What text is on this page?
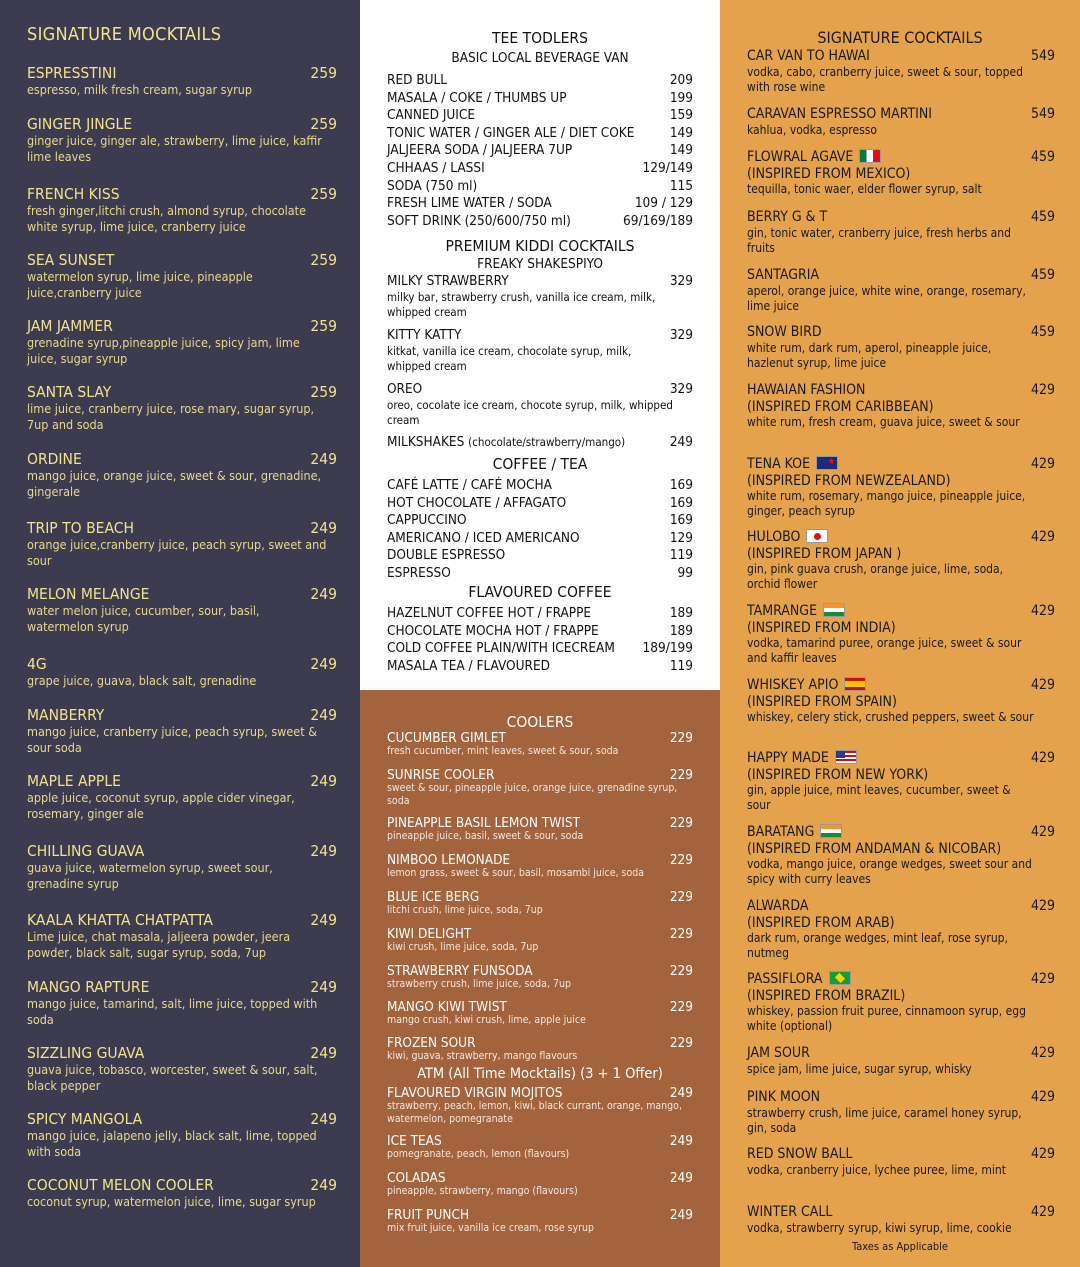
SIGNATURE MOCKTAILS
ESPRESSTINI	259
espresso, milk fresh cream, sugar syrup
GINGER JINGLE	259
ginger juice, ginger ale, strawberry, lime juice, kaffir lime leaves
FRENCH KISS	259
fresh ginger,litchi crush, almond syrup, chocolate white syrup, lime juice, cranberry juice
SEA SUNSET	259
watermelon syrup, lime juice, pineapple juice,cranberry juice
JAM JAMMER	259
grenadine syrup,pineapple juice, spicy jam, lime juice, sugar syrup
SANTA SLAY	259
lime juice, cranberry juice, rose mary, sugar syrup, 7up and soda
ORDINE	249
mango juice, orange juice, sweet & sour, grenadine, gingerale
TRIP TO BEACH	249
orange juice,cranberry juice, peach syrup, sweet and sour
MELON MELANGE	249
water melon juice, cucumber, sour, basil, watermelon syrup
4G	249
grape juice, guava, black salt, grenadine
MANBERRY	249
mango juice, cranberry juice, peach syrup, sweet & sour soda
MAPLE APPLE	249
apple juice, coconut syrup, apple cider vinegar, rosemary, ginger ale
CHILLING GUAVA	249
guava juice, watermelon syrup, sweet sour, grenadine syrup
KAALA KHATTA CHATPATTA	249
Lime juice, chat masala, jaljeera powder, jeera powder, black salt, sugar syrup, soda, 7up
MANGO RAPTURE	249
mango juice, tamarind, salt, lime juice, topped with soda
SIZZLING GUAVA	249
guava juice, tobasco, worcester, sweet & sour, salt, black pepper
SPICY MANGOLA	249
mango juice, jalapeno jelly, black salt, lime, topped with soda
COCONUT MELON COOLER	249
coconut syrup, watermelon juice, lime, sugar syrup
TEE TODLERS
BASIC LOCAL BEVERAGE VAN
RED BULL	209
MASALA / COKE / THUMBS UP	199
CANNED JUICE	159
TONIC WATER / GINGER ALE / DIET COKE	149
JALJEERA SODA / JALJEERA 7UP	149
CHHAAS / LASSI	129/149
SODA (750 ml)	115
FRESH LIME WATER / SODA	109 / 129
SOFT DRINK (250/600/750 ml)	69/169/189
PREMIUM KIDDI COCKTAILS
FREAKY SHAKESPIYO
MILKY STRAWBERRY	329
milky bar, strawberry crush, vanilla ice cream, milk, whipped cream
KITTY KATTY	329
kitkat, vanilla ice cream, chocolate syrup, milk, whipped cream
OREO	329
oreo, cocolate ice cream, chocote syrup, milk, whipped cream
MILKSHAKES (chocolate/strawberry/mango)	249
COFFEE / TEA
CAFÉ LATTE / CAFÉ MOCHA	169
HOT CHOCOLATE / AFFAGATO	169
CAPPUCCINO	169
AMERICANO / ICED AMERICANO	129
DOUBLE ESPRESSO	119
ESPRESSO	99
FLAVOURED COFFEE
HAZELNUT COFFEE HOT / FRAPPE	189
CHOCOLATE MOCHA HOT / FRAPPE	189
COLD COFFEE PLAIN/WITH ICECREAM 189/199
MASALA TEA / FLAVOURED	119
COOLERS
CUCUMBER GIMLET	229
fresh cucumber, mint leaves, sweet & sour, soda
SUNRISE COOLER	229
sweet & sour, pineapple juice, orange juice, grenadine syrup, soda
PINEAPPLE BASIL LEMON TWIST	229
pineapple juice, basil, sweet & sour, soda
NIMBOO LEMONADE	229
lemon grass, sweet & sour, basil, mosambi juice, soda
BLUE ICE BERG	229
litchi crush, lime juice, soda, 7up
KIWI DELIGHT	229
kiwi crush, lime juice, soda, 7up
STRAWBERRY FUNSODA	229
strawberry crush, lime juice, soda, 7up
MANGO KIWI TWIST	229
mango crush, kiwi crush, lime, apple juice
FROZEN SOUR	229
kiwi, guava, strawberry, mango flavours
ATM (All Time Mocktails) (3 + 1 Offer)
FLAVOURED VIRGIN MOJITOS	249
strawberry, peach, lemon, kiwi, black currant, orange, mango, watermelon, pomegranate
ICE TEAS	249
pomegranate, peach, lemon (flavours)
COLADAS	249
pineapple, strawberry, mango (flavours)
FRUIT PUNCH	249
mix fruit juice, vanilla ice cream, rose syrup
SIGNATURE COCKTAILS
CAR VAN TO HAWAI	549
vodka, cabo, cranberry juice, sweet & sour, topped with rose wine
CARAVAN ESPRESSO MARTINI	549
kahlua, vodka, espresso
FLOWRAL AGAVE	459
(INSPIRED FROM MEXICO)
tequilla, tonic waer, elder flower syrup, salt
BERRY G & T	459
gin, tonic water, cranberry juice, fresh herbs and fruits
SANTAGRIA	459
aperol, orange juice, white wine, orange, rosemary, lime juice
SNOW BIRD	459
white rum, dark rum, aperol, pineapple juice, hazlenut syrup, lime juice
HAWAIAN FASHION	429
(INSPIRED FROM CARIBBEAN)
white rum, fresh cream, guava juice, sweet & sour
TENA KOE ★	429
(INSPIRED FROM NEWZEALAND)
white rum, rosemary, mango juice, pineapple juice, ginger, peach syrup
HULOBO	429
(INSPIRED FROM JAPAN )
gin, pink guava crush, orange juice, lime, soda, orchid flower
TAMRANGE	429
(INSPIRED FROM INDIA)
vodka, tamarind puree, orange juice, sweet & sour and kaffir leaves
WHISKEY APIO	429
(INSPIRED FROM SPAIN)
whiskey, celery stick, crushed peppers, sweet & sour
HAPPY MADE	429
(INSPIRED FROM NEW YORK)
gin, apple juice, mint leaves, cucumber, sweet & sour
BARATANG	429
(INSPIRED FROM ANDAMAN & NICOBAR)
vodka, mango juice, orange wedges, sweet sour and spicy with curry leaves
ALWARDA	429
(INSPIRED FROM ARAB)
dark rum, orange wedges, mint leaf, rose syrup, nutmeg
PASSIFLORA	429
(INSPIRED FROM BRAZIL)
whiskey, passion fruit puree, cinnamoon syrup, egg white (optional)
JAM SOUR	429
spice jam, lime juice, sugar syrup, whisky
PINK MOON	429
strawberry crush, lime juice, caramel honey syrup, gin, soda
RED SNOW BALL	429
vodka, cranberry juice, lychee puree, lime, mint
WINTER CALL	429
vodka, strawberry syrup, kiwi syrup, lime, cookie
Taxes as Applicable
